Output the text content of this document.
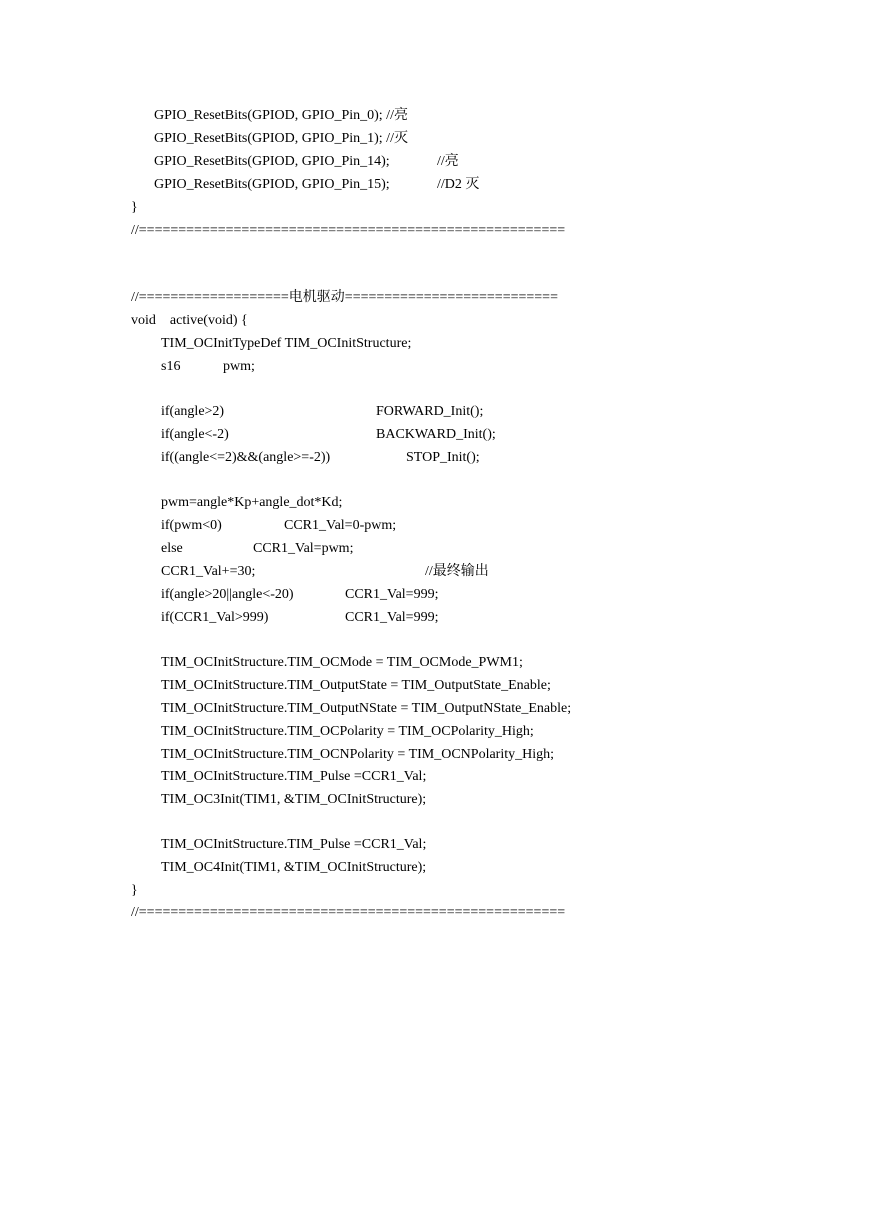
GPIO_ResetBits(GPIOD, GPIO_Pin_0); //亮
GPIO_ResetBits(GPIOD, GPIO_Pin_1); //灭

GPIO_ResetBits(GPIOD, GPIO_Pin_14);

	//亮

GPIO_ResetBits(GPIOD, GPIO_Pin_15);

	//D2 灭

}
//======================================================
//===================电机驱动===========================
void    active(void) {
TIM_OCInitTypeDef TIM_OCInitStructure;

s16

	pwm;

if(angle>2)

	FORWARD_Init();

if(angle<-2)

	BACKWARD_Init();

if((angle<=2)&&(angle>=-2))

	STOP_Init();

pwm=angle*Kp+angle_dot*Kd;

if(pwm<0)

	CCR1_Val=0-pwm;

else

	CCR1_Val=pwm;

CCR1_Val+=30;

	//最终输出

if(angle>20||angle<-20)

	CCR1_Val=999;

if(CCR1_Val>999)

	CCR1_Val=999;

TIM_OCInitStructure.TIM_OCMode = TIM_OCMode_PWM1;
TIM_OCInitStructure.TIM_OutputState = TIM_OutputState_Enable;
TIM_OCInitStructure.TIM_OutputNState = TIM_OutputNState_Enable;
TIM_OCInitStructure.TIM_OCPolarity = TIM_OCPolarity_High;
TIM_OCInitStructure.TIM_OCNPolarity = TIM_OCNPolarity_High;
TIM_OCInitStructure.TIM_Pulse =CCR1_Val;
TIM_OC3Init(TIM1, &TIM_OCInitStructure);
TIM_OCInitStructure.TIM_Pulse =CCR1_Val;
TIM_OC4Init(TIM1, &TIM_OCInitStructure);
}
//======================================================
